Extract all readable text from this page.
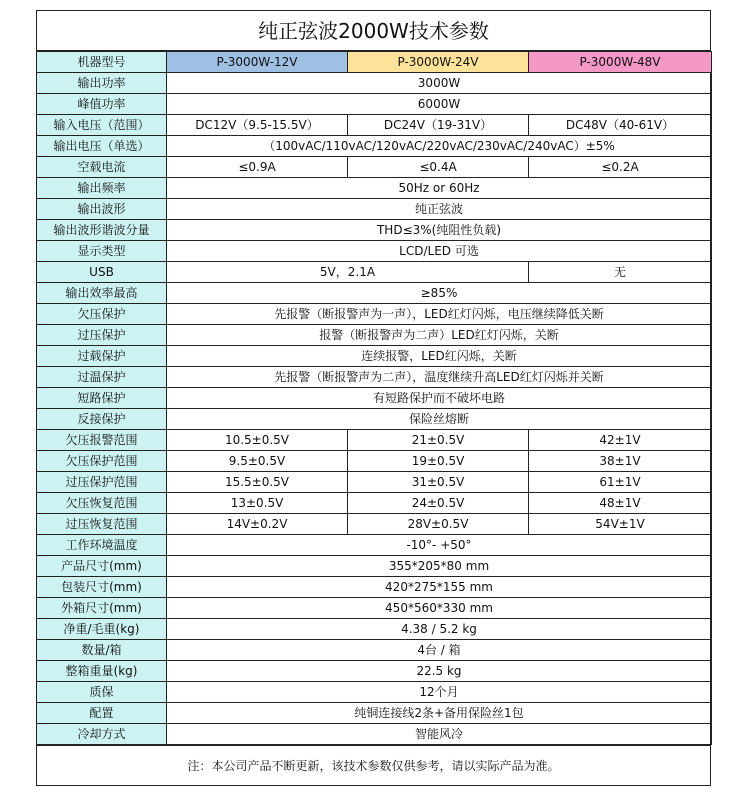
纯正弦波2000W技术参数
机器型号	P-3000W-12V	P-3000W-24V	P-3000W-48V
输出功率	3000W		
峰值功率	6000W		
输入电压（范围）	DC12V（9.5-15.5V）	DC24V（19-31V）	DC48V（40-61V）
输出电压（单选）	（100vAC/110vAC/120vAC/220vAC/230vAC/240vAC）±5%		
空载电流	≤0.9A	≤0.4A	≤0.2A
输出频率	50Hz or 60Hz		
输出波形	纯正弦波		
输出波形谐波分量	THD≤3%(纯阻性负载)		
显示类型	LCD/LED 可选		
USB	5V，2.1A		无
输出效率最高	≥85%		
欠压保护	先报警（断报警声为一声），LED红灯闪烁，电压继续降低关断		
过压保护	报警（断报警声为二声）LED红灯闪烁，关断		
过载保护	连续报警，LED红闪烁，关断		
过温保护	先报警（断报警声为二声），温度继续升高LED红灯闪烁并关断		
短路保护	有短路保护而不破坏电路		
反接保护	保险丝熔断		
欠压报警范围	10.5±0.5V	21±0.5V	42±1V
欠压保护范围	9.5±0.5V	19±0.5V	38±1V
过压保护范围	15.5±0.5V	31±0.5V	61±1V
欠压恢复范围	13±0.5V	24±0.5V	48±1V
过压恢复范围	14V±0.2V	28V±0.5V	54V±1V
工作环境温度	-10°- +50°		
产品尺寸(mm)	355*205*80 mm		
包装尺寸(mm)	420*275*155 mm		
外箱尺寸(mm)	450*560*330 mm		
净重/毛重(kg)	4.38 / 5.2 kg		
数量/箱	4台 / 箱		
整箱重量(kg)	22.5 kg		
质保	12个月		
配置	纯铜连接线2条+备用保险丝1包		
冷却方式	智能风冷		
注：本公司产品不断更新，该技术参数仅供参考，请以实际产品为准。
